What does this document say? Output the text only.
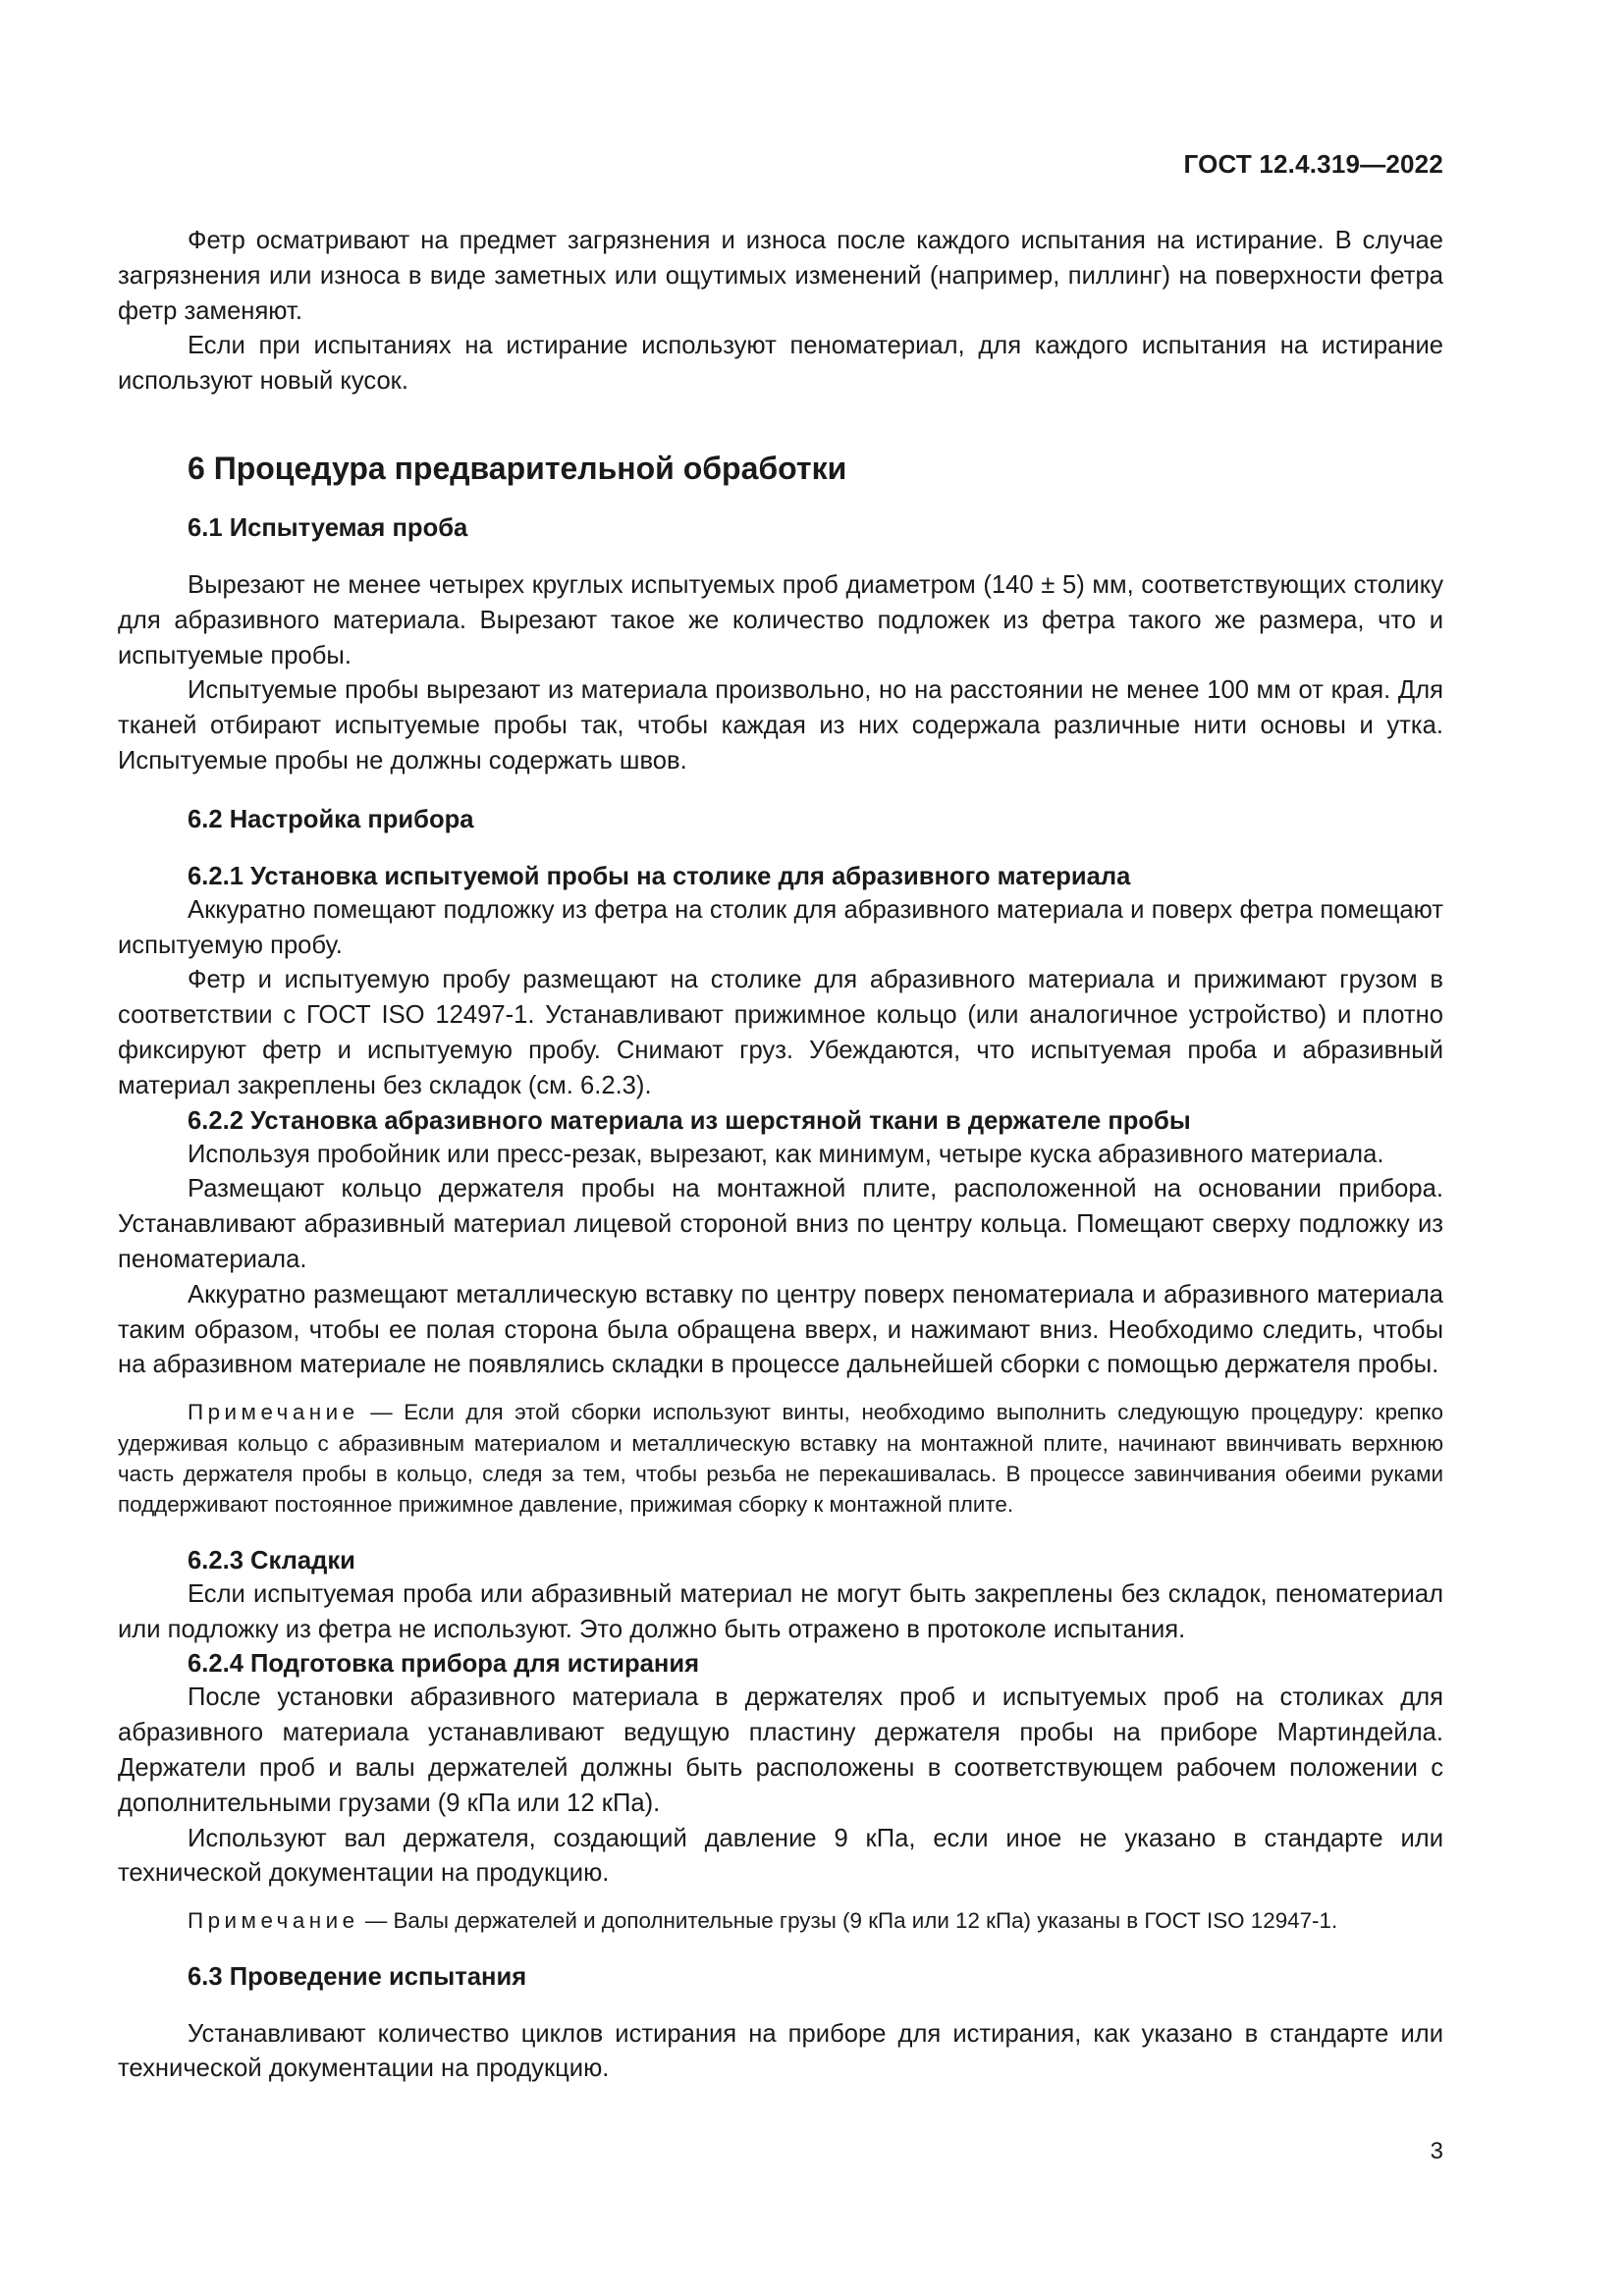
ГОСТ 12.4.319—2022

Фетр осматривают на предмет загрязнения и износа после каждого испытания на истирание. В случае загрязнения или износа в виде заметных или ощутимых изменений (например, пиллинг) на поверхности фетра фетр заменяют.

Если при испытаниях на истирание используют пеноматериал, для каждого испытания на истирание используют новый кусок.

6 Процедура предварительной обработки
6.1 Испытуемая проба

Вырезают не менее четырех круглых испытуемых проб диаметром (140 ± 5) мм, соответствующих столику для абразивного материала. Вырезают такое же количество подложек из фетра такого же размера, что и испытуемые пробы.

Испытуемые пробы вырезают из материала произвольно, но на расстоянии не менее 100 мм от края. Для тканей отбирают испытуемые пробы так, чтобы каждая из них содержала различные нити основы и утка. Испытуемые пробы не должны содержать швов.

6.2 Настройка прибора
6.2.1 Установка испытуемой пробы на столике для абразивного материала

Аккуратно помещают подложку из фетра на столик для абразивного материала и поверх фетра помещают испытуемую пробу.

Фетр и испытуемую пробу размещают на столике для абразивного материала и прижимают грузом в соответствии с ГОСТ ISO 12497-1. Устанавливают прижимное кольцо (или аналогичное устройство) и плотно фиксируют фетр и испытуемую пробу. Снимают груз. Убеждаются, что испытуемая проба и абразивный материал закреплены без складок (см. 6.2.3).

6.2.2 Установка абразивного материала из шерстяной ткани в держателе пробы

Используя пробойник или пресс-резак, вырезают, как минимум, четыре куска абразивного материала.

Размещают кольцо держателя пробы на монтажной плите, расположенной на основании прибора. Устанавливают абразивный материал лицевой стороной вниз по центру кольца. Помещают сверху подложку из пеноматериала.

Аккуратно размещают металлическую вставку по центру поверх пеноматериала и абразивного материала таким образом, чтобы ее полая сторона была обращена вверх, и нажимают вниз. Необходимо следить, чтобы на абразивном материале не появлялись складки в процессе дальнейшей сборки с помощью держателя пробы.

Примечание — Если для этой сборки используют винты, необходимо выполнить следующую процедуру: крепко удерживая кольцо с абразивным материалом и металлическую вставку на монтажной плите, начинают ввинчивать верхнюю часть держателя пробы в кольцо, следя за тем, чтобы резьба не перекашивалась. В процессе завинчивания обеими руками поддерживают постоянное прижимное давление, прижимая сборку к монтажной плите.
6.2.3 Складки

Если испытуемая проба или абразивный материал не могут быть закреплены без складок, пеноматериал или подложку из фетра не используют. Это должно быть отражено в протоколе испытания.

6.2.4 Подготовка прибора для истирания

После установки абразивного материала в держателях проб и испытуемых проб на столиках для абразивного материала устанавливают ведущую пластину держателя пробы на приборе Мартиндейла. Держатели проб и валы держателей должны быть расположены в соответствующем рабочем положении с дополнительными грузами (9 кПа или 12 кПа).

Используют вал держателя, создающий давление 9 кПа, если иное не указано в стандарте или технической документации на продукцию.

Примечание — Валы держателей и дополнительные грузы (9 кПа или 12 кПа) указаны в ГОСТ ISO 12947-1.
6.3 Проведение испытания

Устанавливают количество циклов истирания на приборе для истирания, как указано в стандарте или технической документации на продукцию.

3
